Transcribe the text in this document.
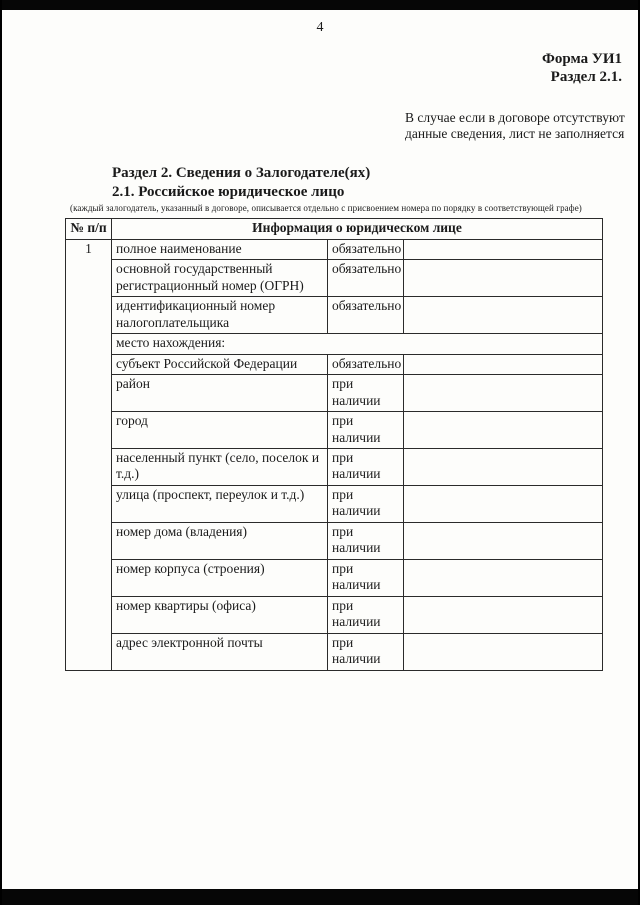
4
Форма УИ1
Раздел 2.1.
В случае если в договоре отсутствуют
данные сведения, лист не заполняется
Раздел 2. Сведения о Залогодателе(ях)
2.1. Российское юридическое лицо
(каждый залогодатель, указанный в договоре, описывается отдельно с присвоением номера по порядку в соответствующей графе)
№ п/п	Информация о юридическом лице		
1	полное наименование	обязательно	
	основной государственный регистрационный номер (ОГРН)	обязательно	
	идентификационный номер налогоплательщика	обязательно	
	место нахождения:		
	субъект Российской Федерации	обязательно	
	район	при наличии	
	город	при наличии	
	населенный пункт (село, поселок и т.д.)	при наличии	
	улица (проспект, переулок и т.д.)	при наличии	
	номер дома (владения)	при наличии	
	номер корпуса (строения)	при наличии	
	номер квартиры (офиса)	при наличии	
	адрес электронной почты	при наличии	
